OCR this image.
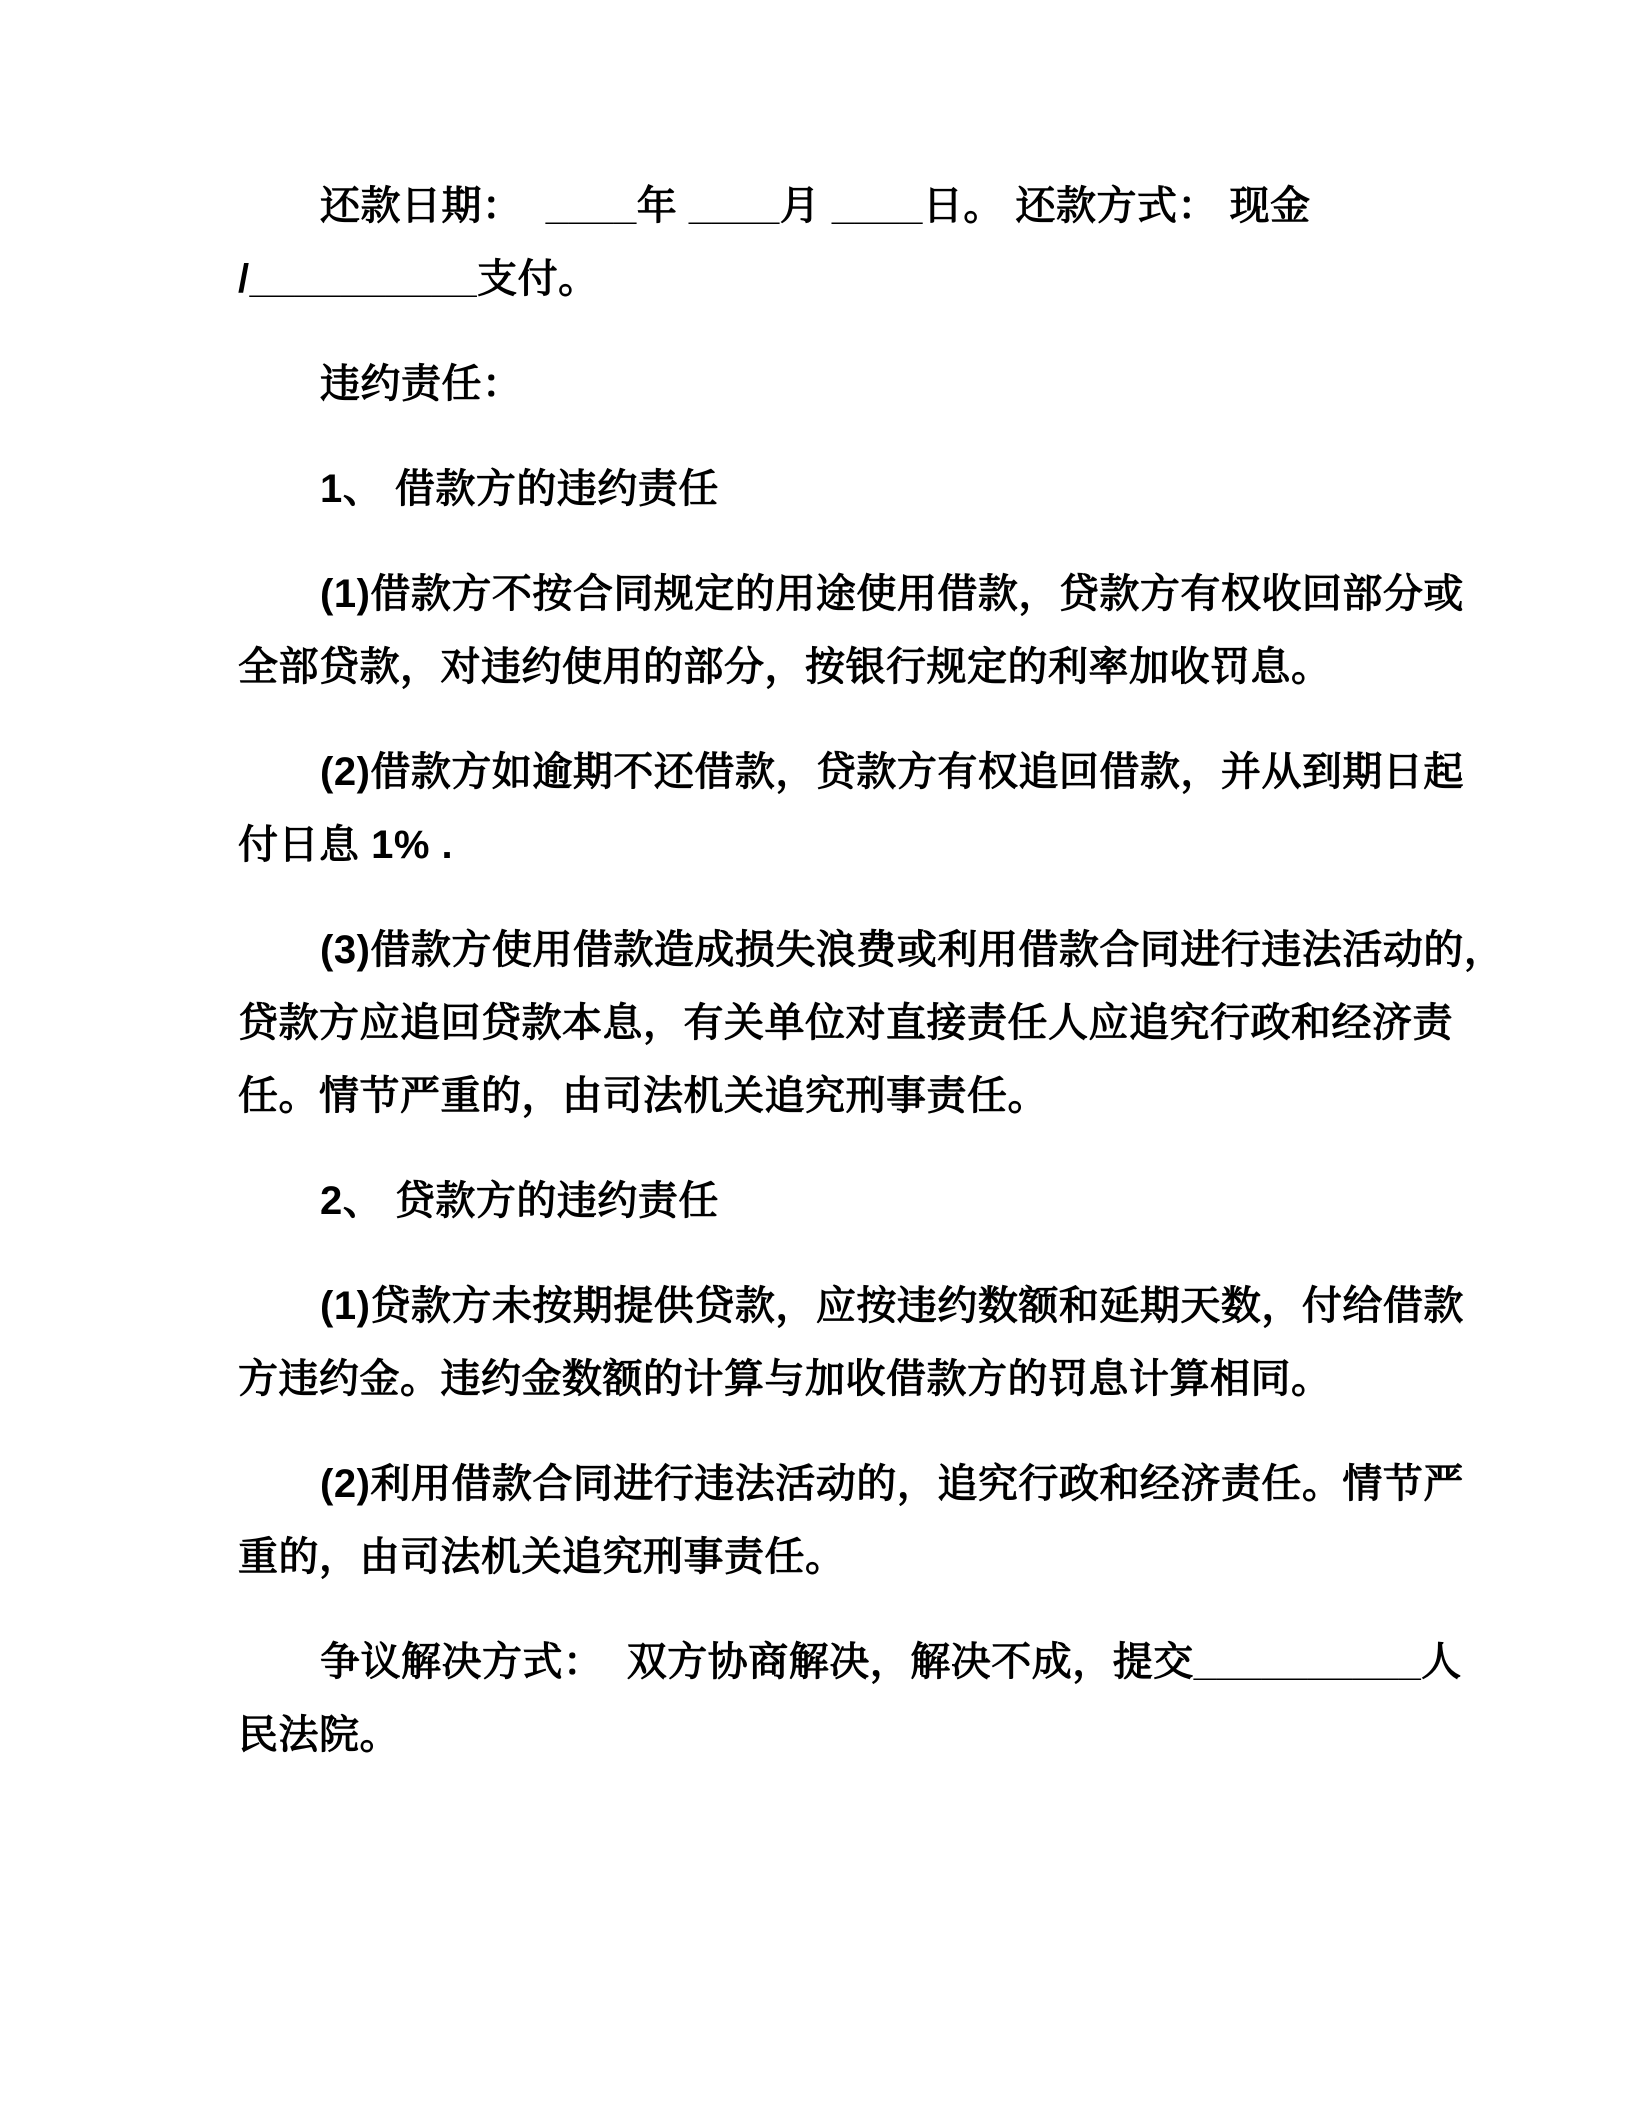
还款日期：  ____年 ____月 ____日。 还款方式： 现金
/__________支付。
违约责任：
1、 借款方的违约责任
(1)借款方不按合同规定的用途使用借款，贷款方有权收回部分或
全部贷款，对违约使用的部分，按银行规定的利率加收罚息。
(2)借款方如逾期不还借款，贷款方有权追回借款，并从到期日起
付日息 1% .
(3)借款方使用借款造成损失浪费或利用借款合同进行违法活动的，
贷款方应追回贷款本息，有关单位对直接责任人应追究行政和经济责
任。情节严重的，由司法机关追究刑事责任。
2、 贷款方的违约责任
(1)贷款方未按期提供贷款，应按违约数额和延期天数，付给借款
方违约金。违约金数额的计算与加收借款方的罚息计算相同。
(2)利用借款合同进行违法活动的，追究行政和经济责任。情节严
重的，由司法机关追究刑事责任。
争议解决方式：  双方协商解决，解决不成，提交__________人
民法院。
